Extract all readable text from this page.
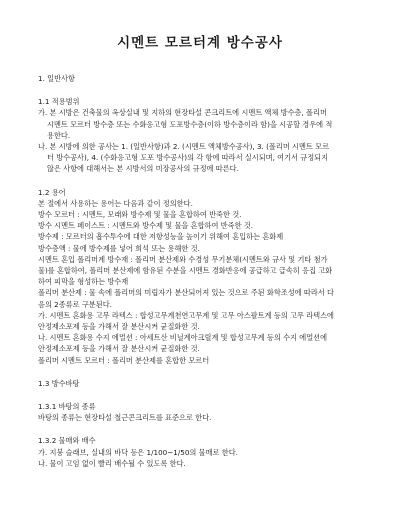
시멘트 모르터계 방수공사
1. 일반사항
1.1 적용범위
가. 본 시방은 건축물의 옥상실내 및 지하의 현장타설 콘크리트에 시멘트 액체 방수층, 폴리머
시멘트 모르터 방수층 또는 수화응고형 도포방수층(이하 방수층이라 함)을 시공할 경우에 적
용한다.
나. 본 시방에 의한 공사는 1. (일반사항)과 2. (시멘트 액체방수공사), 3. (폴리머 시멘트 모르
터 방수공사), 4. (수화응고형 도포 방수공사)의 각 항에 따라서 실시되며, 여기서 규정되지
않은 사항에 대해서는 본 시방서의 미장공사의 규정에 따른다.
1.2 용어
본 절에서 사용하는 용어는 다음과 같이 정의한다.
방수 모르터 : 시멘트, 모래와 방수제 및 물을 혼합하여 반죽한 것.
방수 시멘트 페이스트 : 시멘트와 방수제 및 물을 혼합하여 반죽한 것.
방수제 : 모르터의 흡수투수에 대한 저항성능을 높이기 위해여 혼입하는 혼화제
방수층액 : 물에 방수제를 넣어 희석 또는 용해한 것.
시멘트 혼입 폴리머계 방수재 : 폴리머 분산제와 수경성 무기분체(시멘트와 규사 및 기타 첨가
물)를 혼합하여, 폴리머 분산제에 함유된 수분을 시멘트 경화반응에 공급하고 급속히 응집 고화
하여 피막을 형성하는 방수재
폴리머 분산제 : 물 속에 폴리머의 미립자가 분산되어져 있는 것으로 주된 화학조성에 따라서 다
음의 2종류로 구분된다.
가. 시멘트 혼화용 고무 라텍스 : 합성고무계천연고무계 및 고무 아스팔트계 등의 고무 라텍스에
안정제소포제 등을 가해서 잘 분산시켜 균질화한 것.
나. 시멘트 혼화용 수지 에멀션 : 아세트산 비닐계아크릴계 및 합성고무계 등의 수지 에멀션에
안정제소포제 등을 가해서 잘 분산시켜 균질화한 것.
폴리머 시멘트 모르터 : 폴리머 분산제를 혼합한 모르터
1.3 방수바탕
1.3.1 바탕의 종류
바탕의 종류는 현장타설 철근콘크리트를 표준으로 한다.
1.3.2 물매와 배수
가. 지붕 슬래브, 실내의 바닥 등은 1/100~1/50의 물매로 한다.
나. 물이 고임 없이 빨리 배수될 수 있도록 한다.
